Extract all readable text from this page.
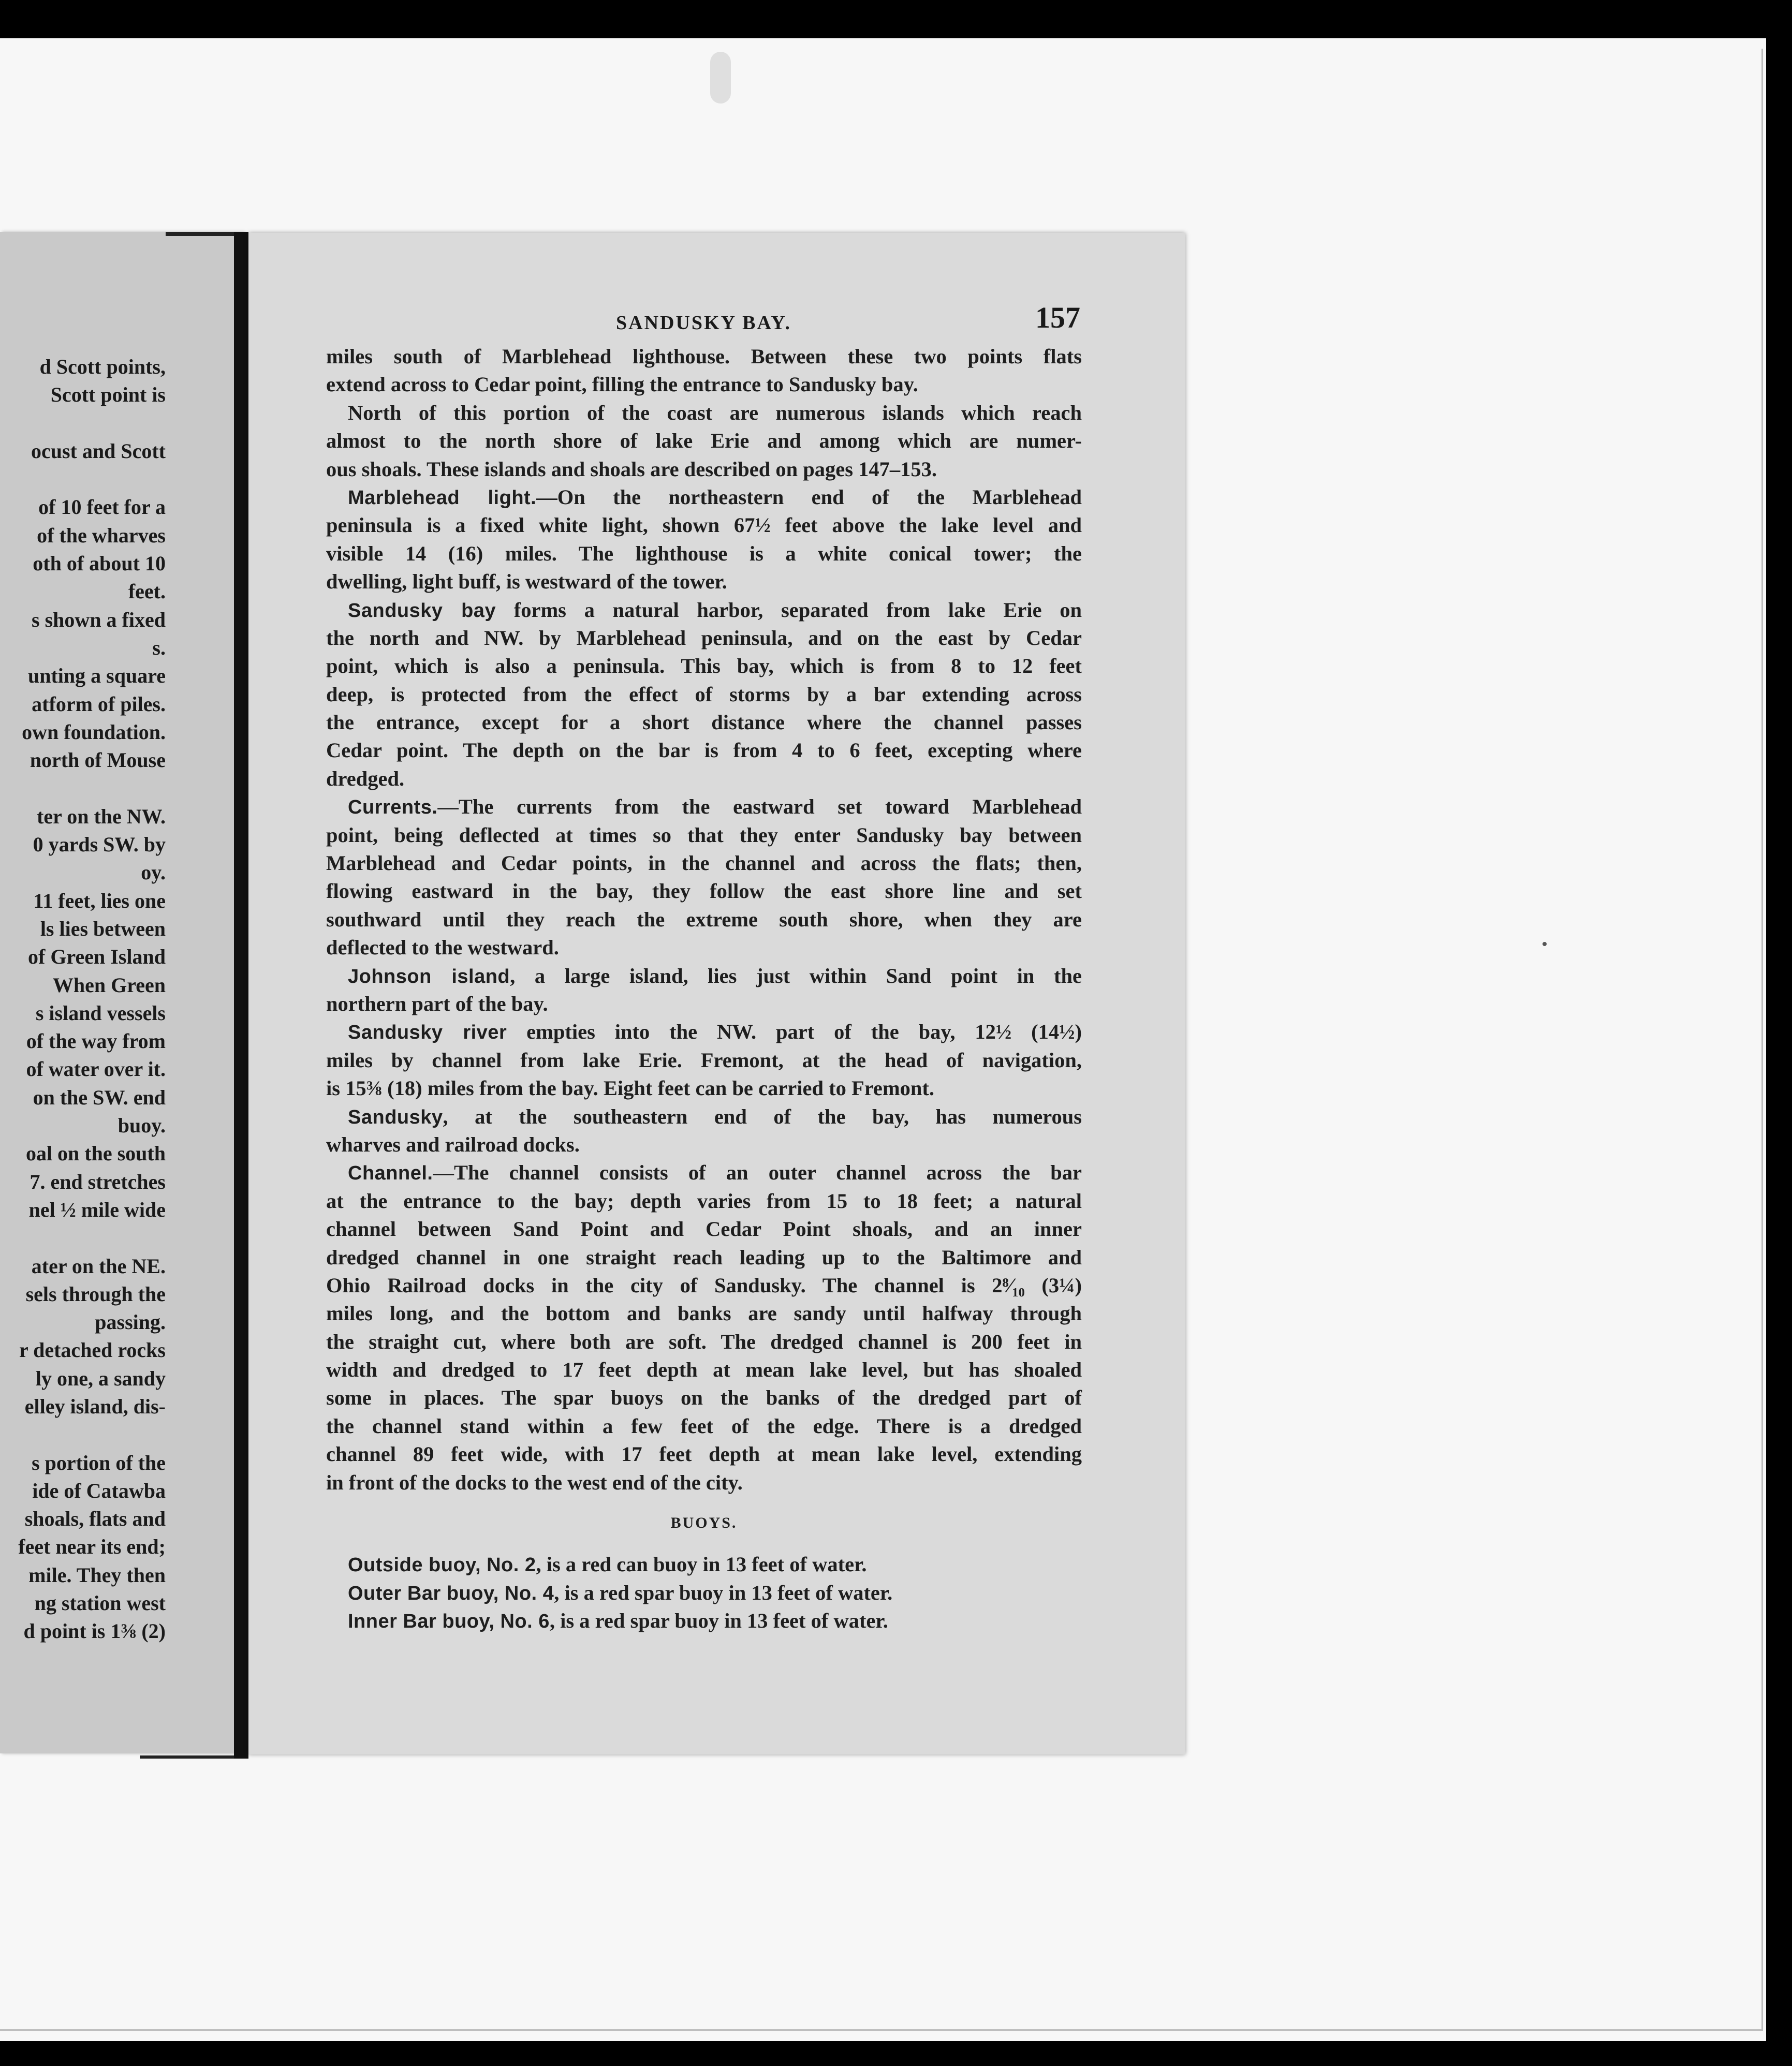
d Scott points,
Scott point is
ocust and Scott
of 10 feet for a
of the wharves
oth of about 10
feet.
s shown a fixed
s.
unting a square
atform of piles.
own foundation.
north of Mouse
ter on the NW.
0 yards SW. by
oy.
11 feet, lies one
ls lies between
of Green Island
When Green
s island vessels
of the way from
of water over it.
on the SW. end
buoy.
oal on the south
7. end stretches
nel ½ mile wide
ater on the NE.
sels through the
passing.
r detached rocks
ly one, a sandy
elley island, dis-
s portion of the
ide of Catawba
shoals, flats and
feet near its end;
mile. They then
ng station west
d point is 1⅜ (2)
SANDUSKY BAY.	157
miles south of Marblehead lighthouse. Between these two points flats
extend across to Cedar point, filling the entrance to Sandusky bay.
North of this portion of the coast are numerous islands which reach
almost to the north shore of lake Erie and among which are numer-
ous shoals. These islands and shoals are described on pages 147–153.
Marblehead light.—On the northeastern end of the Marblehead
peninsula is a fixed white light, shown 67½ feet above the lake level and
visible 14 (16) miles. The lighthouse is a white conical tower; the
dwelling, light buff, is westward of the tower.
Sandusky bay forms a natural harbor, separated from lake Erie on
the north and NW. by Marblehead peninsula, and on the east by Cedar
point, which is also a peninsula. This bay, which is from 8 to 12 feet
deep, is protected from the effect of storms by a bar extending across
the entrance, except for a short distance where the channel passes
Cedar point. The depth on the bar is from 4 to 6 feet, excepting where
dredged.
Currents.—The currents from the eastward set toward Marblehead
point, being deflected at times so that they enter Sandusky bay between
Marblehead and Cedar points, in the channel and across the flats; then,
flowing eastward in the bay, they follow the east shore line and set
southward until they reach the extreme south shore, when they are
deflected to the westward.
Johnson island, a large island, lies just within Sand point in the
northern part of the bay.
Sandusky river empties into the NW. part of the bay, 12½ (14½)
miles by channel from lake Erie. Fremont, at the head of navigation,
is 15⅜ (18) miles from the bay. Eight feet can be carried to Fremont.
Sandusky, at the southeastern end of the bay, has numerous
wharves and railroad docks.
Channel.—The channel consists of an outer channel across the bar
at the entrance to the bay; depth varies from 15 to 18 feet; a natural
channel between Sand Point and Cedar Point shoals, and an inner
dredged channel in one straight reach leading up to the Baltimore and
Ohio Railroad docks in the city of Sandusky. The channel is 2⁸⁄₁₀ (3¼)
miles long, and the bottom and banks are sandy until halfway through
the straight cut, where both are soft. The dredged channel is 200 feet in
width and dredged to 17 feet depth at mean lake level, but has shoaled
some in places. The spar buoys on the banks of the dredged part of
the channel stand within a few feet of the edge. There is a dredged
channel 89 feet wide, with 17 feet depth at mean lake level, extending
in front of the docks to the west end of the city.
BUOYS.
Outside buoy, No. 2, is a red can buoy in 13 feet of water.
Outer Bar buoy, No. 4, is a red spar buoy in 13 feet of water.
Inner Bar buoy, No. 6, is a red spar buoy in 13 feet of water.
